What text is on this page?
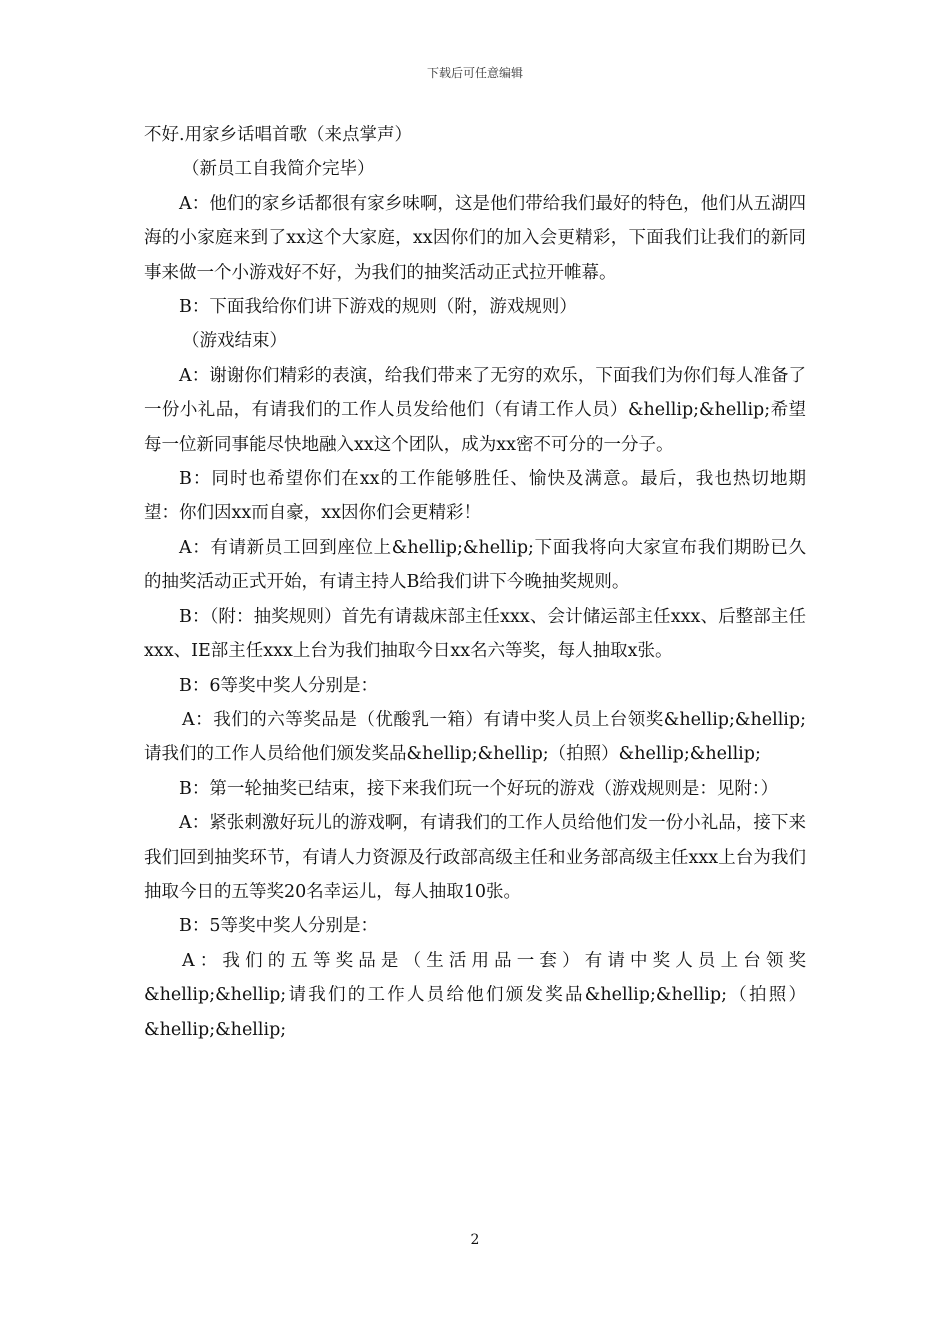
下载后可任意编辑

不好.用家乡话唱首歌（来点掌声）

（新员工自我简介完毕）

A：他们的家乡话都很有家乡味啊，这是他们带给我们最好的特色，他们从五湖四海的小家庭来到了xx这个大家庭，xx因你们的加入会更精彩，下面我们让我们的新同事来做一个小游戏好不好，为我们的抽奖活动正式拉开帷幕。

B：下面我给你们讲下游戏的规则（附，游戏规则）

（游戏结束）

A：谢谢你们精彩的表演，给我们带来了无穷的欢乐，下面我们为你们每人准备了一份小礼品，有请我们的工作人员发给他们（有请工作人员）&hellip;&hellip;希望每一位新同事能尽快地融入xx这个团队，成为xx密不可分的一分子。

B：同时也希望你们在xx的工作能够胜任、愉快及满意。最后，我也热切地期望：你们因xx而自豪，xx因你们会更精彩！

A：有请新员工回到座位上&hellip;&hellip;下面我将向大家宣布我们期盼已久的抽奖活动正式开始，有请主持人B给我们讲下今晚抽奖规则。

B：（附：抽奖规则）首先有请裁床部主任xxx、会计储运部主任xxx、后整部主任xxx、IE部主任xxx上台为我们抽取今日xx名六等奖，每人抽取x张。

B：6等奖中奖人分别是：

A：我们的六等奖品是（优酸乳一箱）有请中奖人员上台领奖&hellip;&hellip;请我们的工作人员给他们颁发奖品&hellip;&hellip;（拍照）&hellip;&hellip;

B：第一轮抽奖已结束，接下来我们玩一个好玩的游戏（游戏规则是：见附：）

A：紧张刺激好玩儿的游戏啊，有请我们的工作人员给他们发一份小礼品，接下来我们回到抽奖环节，有请人力资源及行政部高级主任和业务部高级主任xxx上台为我们抽取今日的五等奖20名幸运儿，每人抽取10张。

B：5等奖中奖人分别是：

A：我们的五等奖品是（生活用品一套）有请中奖人员上台领奖&hellip;&hellip;请我们的工作人员给他们颁发奖品&hellip;&hellip;（拍照）&hellip;&hellip;

2
